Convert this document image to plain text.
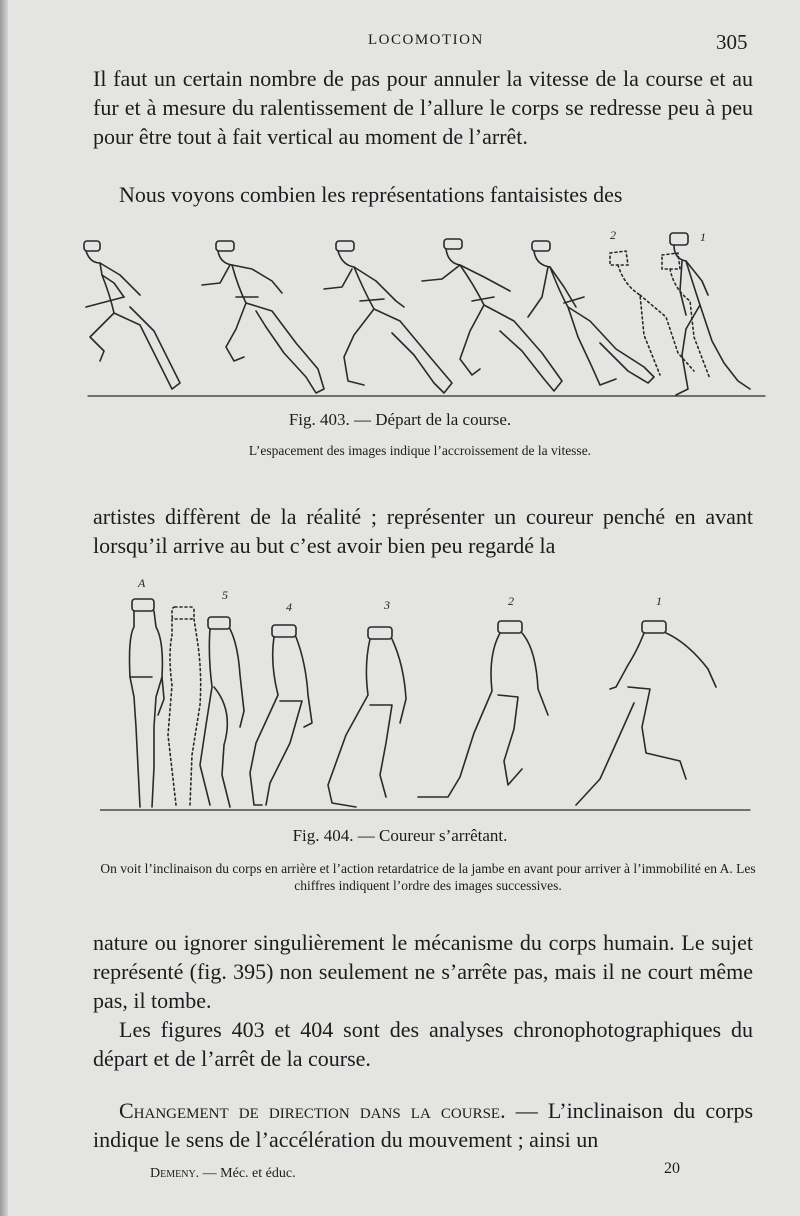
LOCOMOTION	305

Il faut un certain nombre de pas pour annuler la vitesse de la course et au fur et à mesure du ralentissement de l’allure le corps se redresse peu à peu pour être tout à fait vertical au moment de l’arrêt.

Nous voyons combien les représentations fantaisistes des

2	1
Fig. 403. — Départ de la course.
L’espacement des images indique l’accroissement de la vitesse.

artistes diffèrent de la réalité ; représenter un coureur penché en avant lorsqu’il arrive au but c’est avoir bien peu regardé la

A
5
4	3	2	1
Fig. 404. — Coureur s’arrêtant.
On voit l’inclinaison du corps en arrière et l’action retardatrice de la jambe en avant pour arriver à l’immobilité en A. Les chiffres indiquent l’ordre des images successives.

nature ou ignorer singulièrement le mécanisme du corps humain. Le sujet représenté (fig. 395) non seulement ne s’arrête pas, mais il ne court même pas, il tombe.

Les figures 403 et 404 sont des analyses chronophotographiques du départ et de l’arrêt de la course.

Changement de direction dans la course. — L’inclinaison du corps indique le sens de l’accélération du mouvement ; ainsi un

Demeny. — Méc. et éduc.	20
